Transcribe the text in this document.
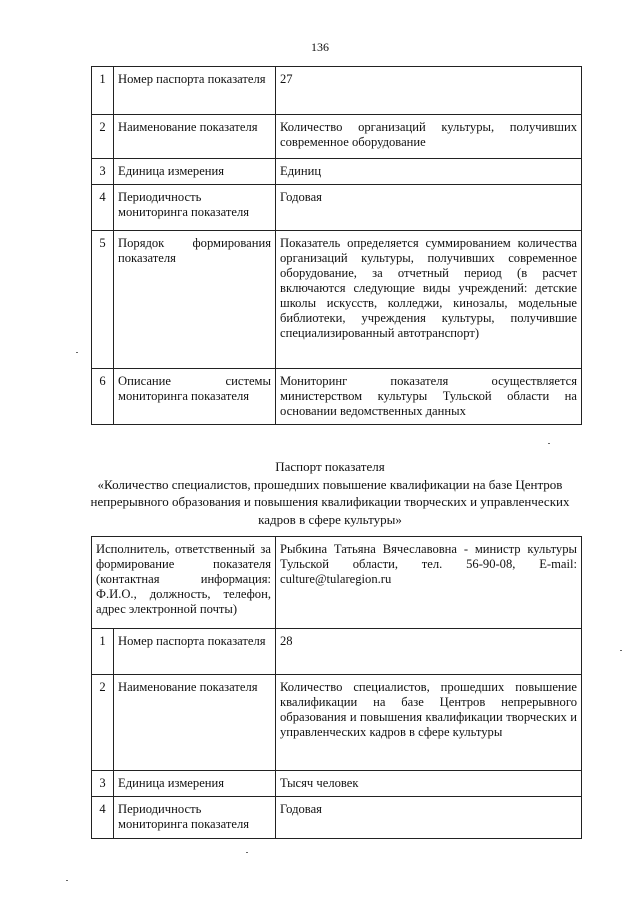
136
1	Номер паспорта показателя	27
2	Наименование показателя	Количество организаций культуры, получивших современное оборудование
3	Единица измерения	Единиц
4	Периодичность мониторинга показателя	Годовая
5	Порядок формирования показателя	Показатель определяется суммированием количества организаций культуры, получивших современное оборудование, за отчетный период (в расчет включаются следующие виды учреждений: детские школы искусств, колледжи, кинозалы, модельные библиотеки, учреждения культуры, получившие специализированный автотранспорт)
6	Описание системы мониторинга показателя	Мониторинг показателя осуществляется министерством культуры Тульской области на основании ведомственных данных
Паспорт показателя
«Количество специалистов, прошедших повышение квалификации на базе Центров непрерывного образования и повышения квалификации творческих и управленческих кадров в сфере культуры»
Исполнитель, ответственный за формирование показателя (контактная информация: Ф.И.О., должность, телефон, адрес электронной почты)		Рыбкина Татьяна Вячеславовна - министр культуры Тульской области, тел. 56-90-08, E-mail: culture@tularegion.ru
1	Номер паспорта показателя	28
2	Наименование показателя	Количество специалистов, прошедших повышение квалификации на базе Центров непрерывного образования и повышения квалификации творческих и управленческих кадров в сфере культуры
3	Единица измерения	Тысяч человек
4	Периодичность мониторинга показателя	Годовая
